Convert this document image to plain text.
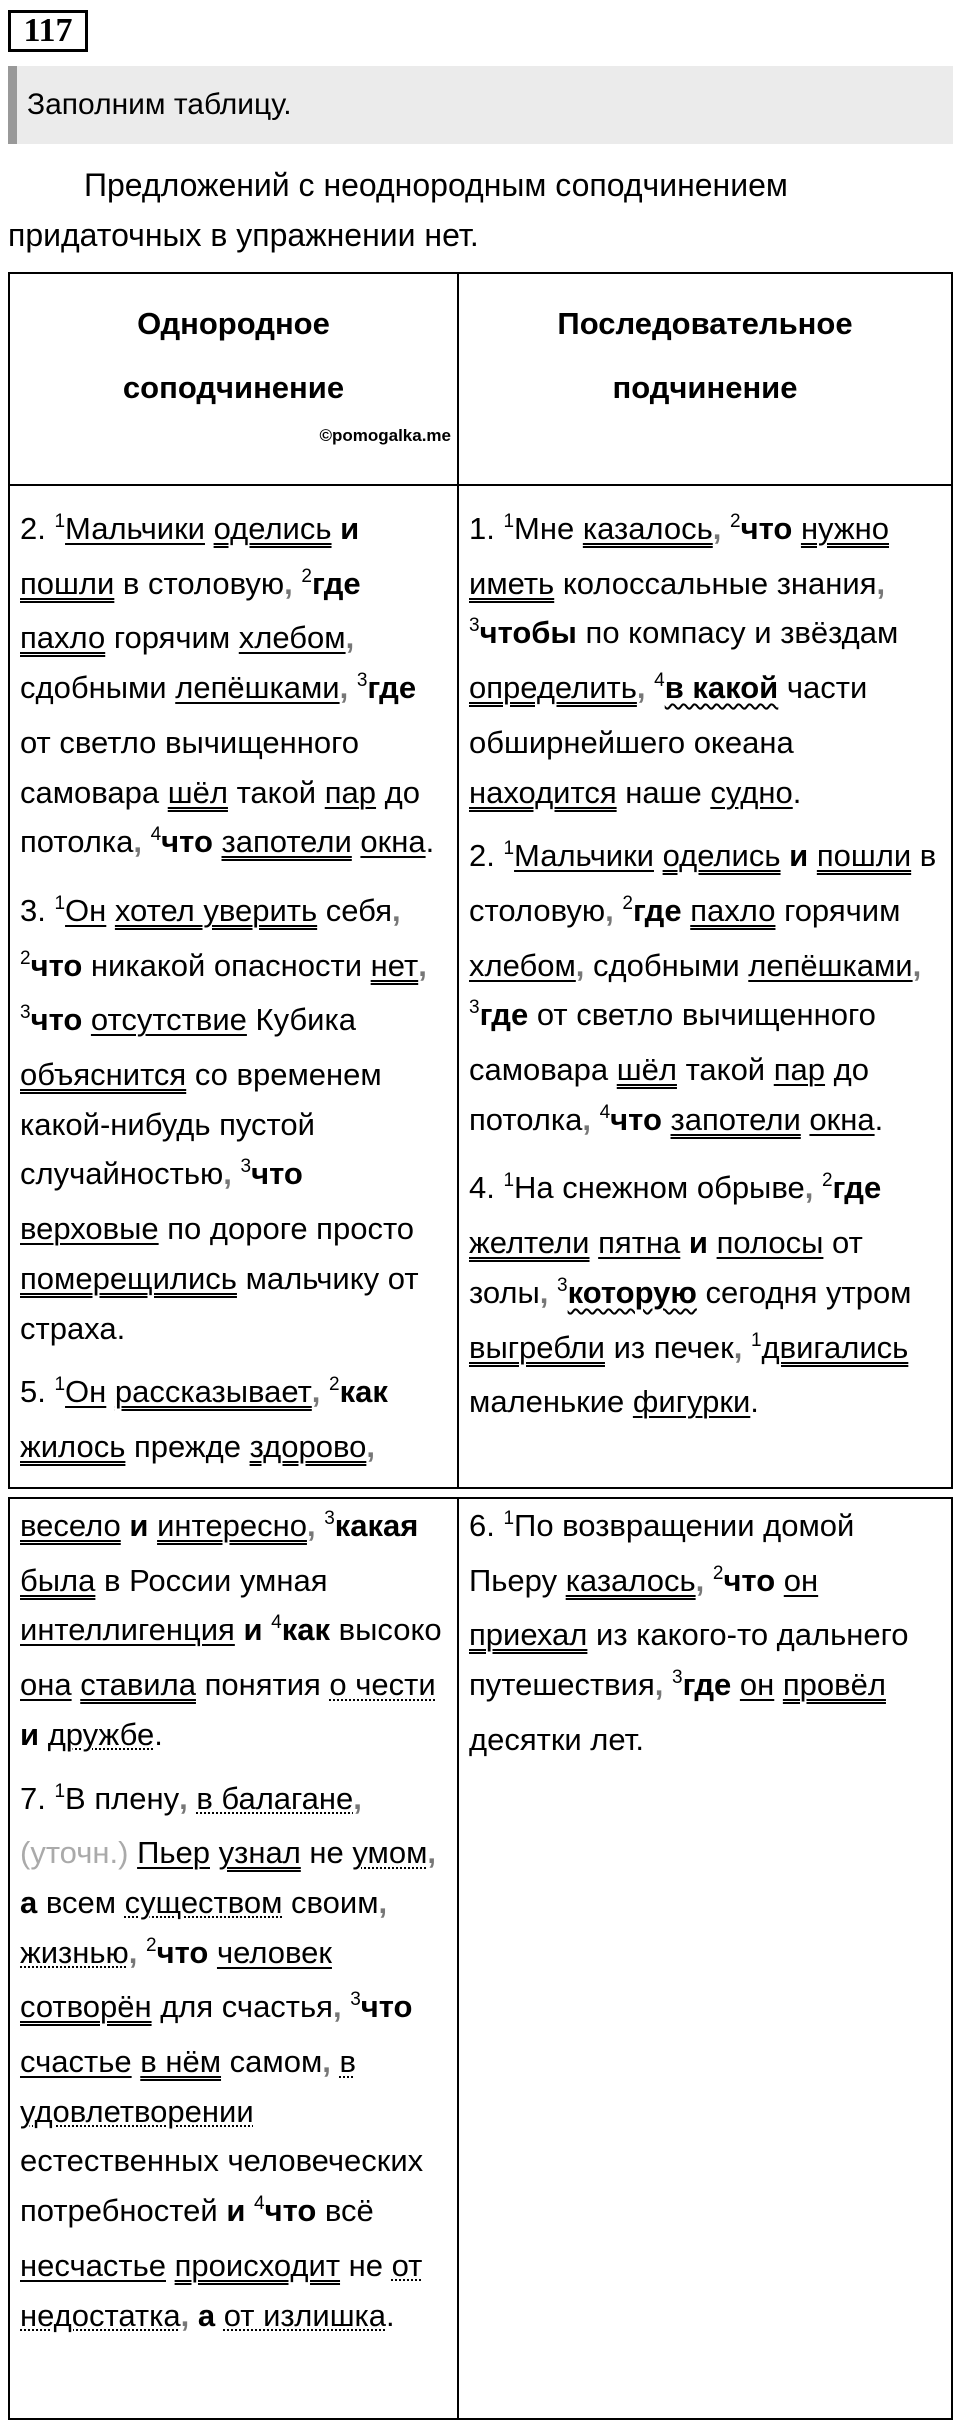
117
Заполним таблицу.
Предложений с неоднородным соподчинением придаточных в упражнении нет.
Однородное
соподчинение
©pomogalka.me
Последовательное
подчинение

2. $^1$Мальчики оделись и пошли в столовую, $^2$где пахло горячим хлебом, сдобными лепёшками, $^3$где от светло вычищенного самовара шёл такой пар до потолка, $^4$что запотели окна.

3. $^1$Он хотел уверить себя, $^2$что никакой опасности нет, $^3$что отсутствие Кубика объяснится со временем какой-нибудь пустой случайностью, $^3$что верховые по дороге просто померещились мальчику от страха.

5. $^1$Он рассказывает, $^2$как жилось прежде здорово,

1. $^1$Мне казалось, $^2$что нужно иметь колоссальные знания, $^3$чтобы по компасу и звёздам определить, $^4$в какой части обширнейшего океана находится наше судно.

2. $^1$Мальчики оделись и пошли в столовую, $^2$где пахло горячим хлебом, сдобными лепёшками, $^3$где от светло вычищенного самовара шёл такой пар до потолка, $^4$что запотели окна.

4. $^1$На снежном обрыве, $^2$где желтели пятна и полосы от золы, $^3$которую сегодня утром выгребли из печек, $^1$двигались маленькие фигурки.

весело и интересно, $^3$какая была в России умная интеллигенция и $^4$как высоко она ставила понятия о чести и дружбе.

7. $^1$В плену, в балагане, (уточн.) Пьер узнал не умом, а всем существом своим, жизнью, $^2$что человек сотворён для счастья, $^3$что счастье в нём самом, в удовлетворении естественных человеческих потребностей и $^4$что всё несчастье происходит не от недостатка, а от излишка.

6. $^1$По возвращении домой Пьеру казалось, $^2$что он приехал из какого-то дальнего путешествия, $^3$где он провёл десятки лет.
